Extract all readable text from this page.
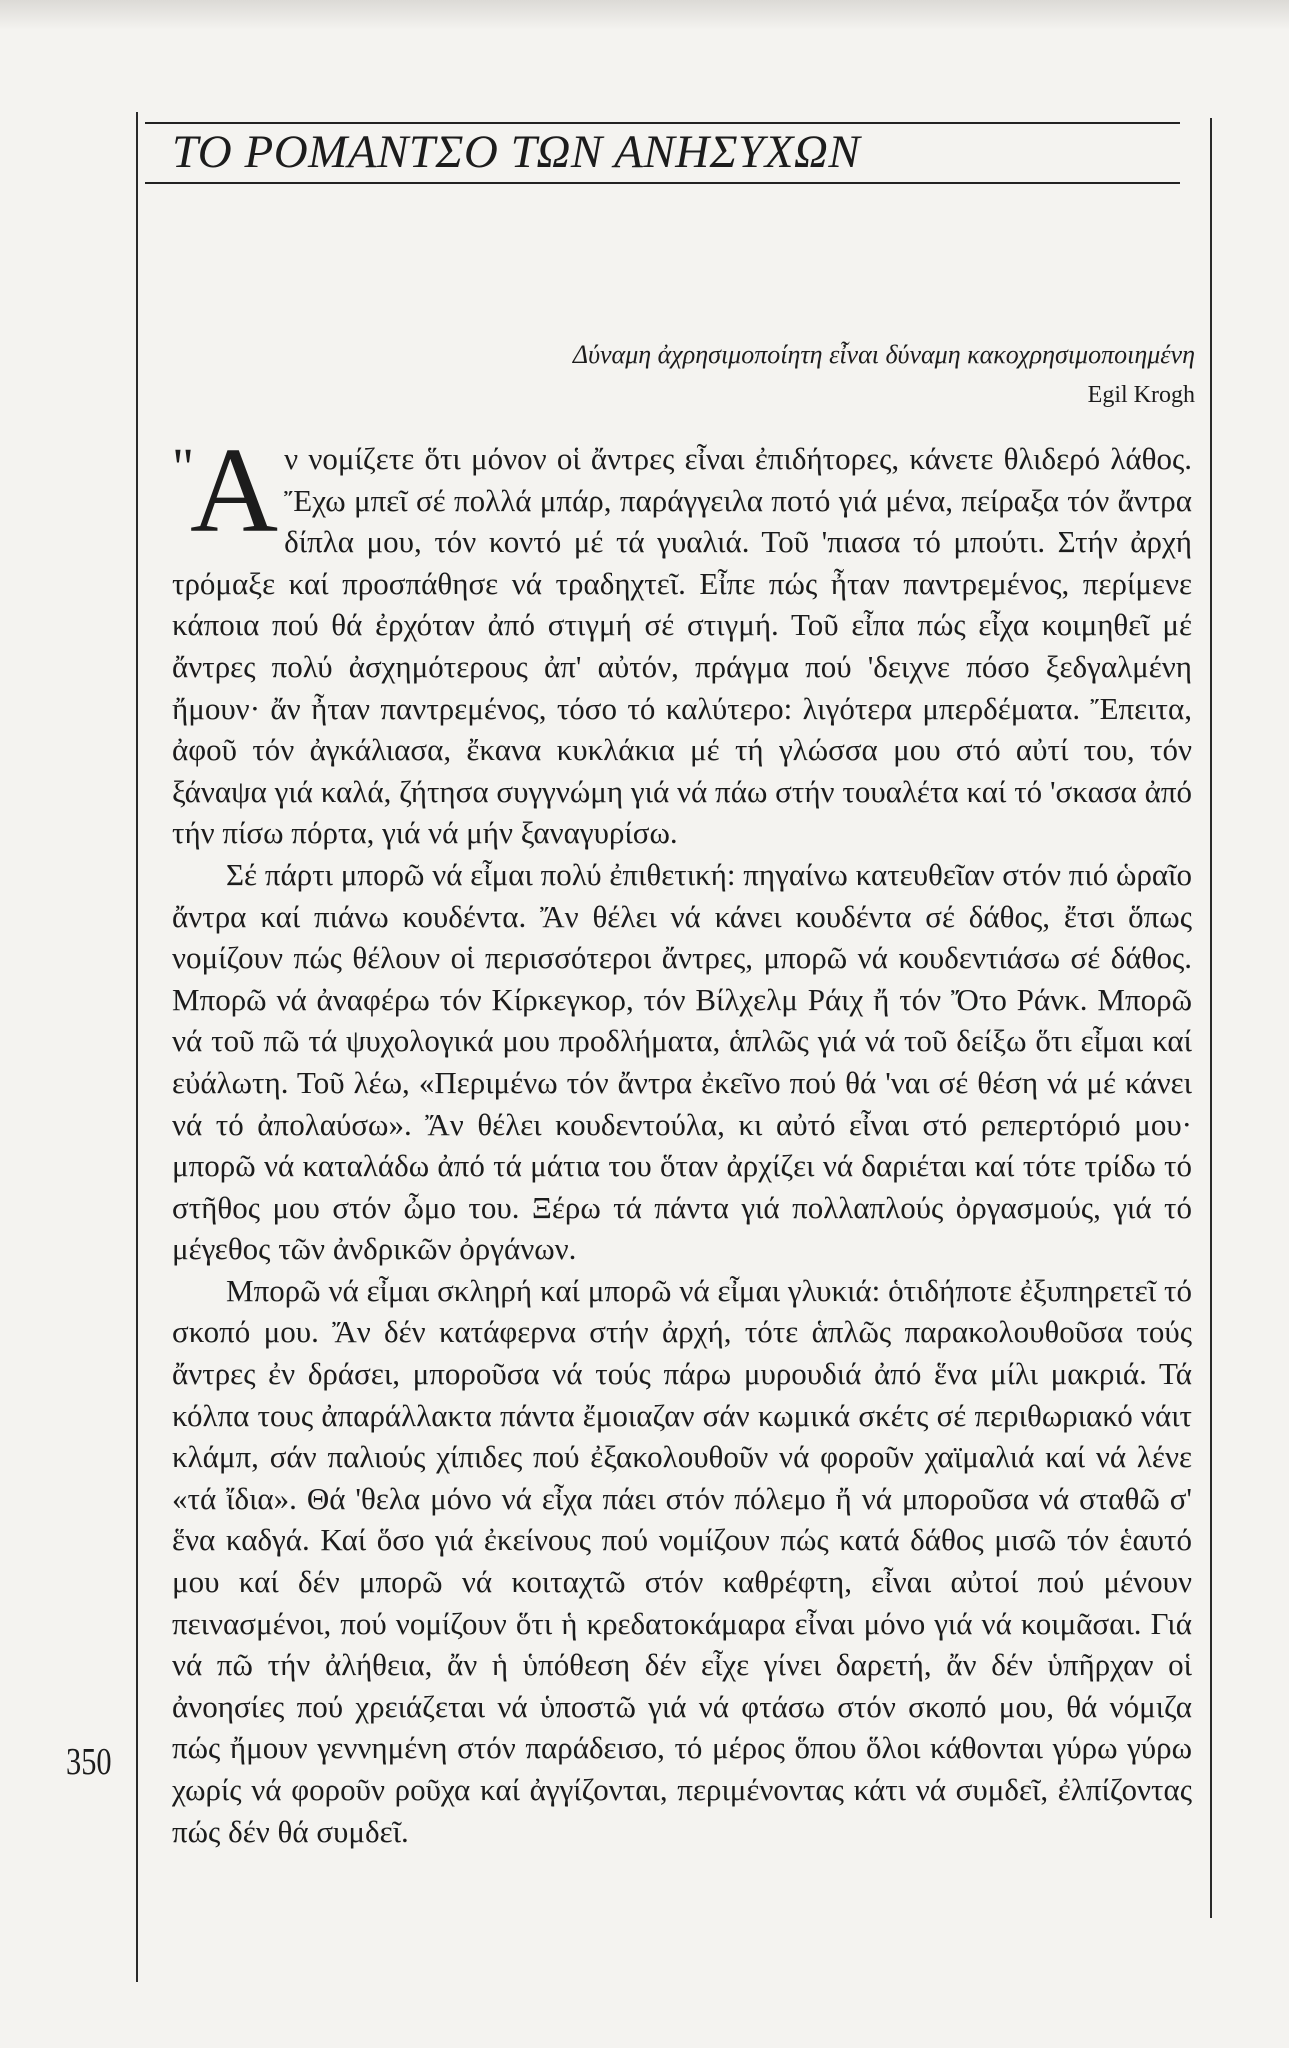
ΤΟ ΡΟΜΑΝΤΣΟ ΤΩΝ ΑΝΗΣΥΧΩΝ
Δύναμη ἀχρησιμοποίητη εἶναι δύναμη κακοχρησιμοποιημένη
Egil Krogh

"Α ν νομίζετε ὅτι μόνον οἱ ἄντρες εἶναι ἐπιδήτορες, κάνετε θλιδερό λάθος. Ἔχω μπεῖ σέ πολλά μπάρ, παράγγειλα ποτό γιά μένα, πείραξα τόν ἄντρα δίπλα μου, τόν κοντό μέ τά γυαλιά. Τοῦ 'πιασα τό μπούτι. Στήν ἀρχή τρόμαξε καί προσπάθησε νά τραδηχτεῖ. Εἶπε πώς ἦταν παντρεμένος, περίμενε κάποια πού θά ἐρχόταν ἀπό στιγμή σέ στιγμή. Τοῦ εἶπα πώς εἶχα κοιμηθεῖ μέ ἄντρες πολύ ἀσχημότερους ἀπ' αὐτόν, πράγμα πού 'δειχνε πόσο ξεδγαλμένη ἤμουν· ἄν ἦταν παντρεμένος, τόσο τό καλύτερο: λιγότερα μπερδέματα. Ἔπειτα, ἀφοῦ τόν ἀγκάλιασα, ἔκανα κυκλάκια μέ τή γλώσσα μου στό αὐτί του, τόν ξάναψα γιά καλά, ζήτησα συγγνώμη γιά νά πάω στήν τουαλέτα καί τό 'σκασα ἀπό τήν πίσω πόρτα, γιά νά μήν ξαναγυρίσω.

Σέ πάρτι μπορῶ νά εἶμαι πολύ ἐπιθετική: πηγαίνω κατευθεῖαν στόν πιό ὡραῖο ἄντρα καί πιάνω κουδέντα. Ἄν θέλει νά κάνει κουδέντα σέ δάθος, ἔτσι ὅπως νομίζουν πώς θέλουν οἱ περισσότεροι ἄντρες, μπορῶ νά κουδεντιάσω σέ δάθος. Μπορῶ νά ἀναφέρω τόν Κίρκεγκορ, τόν Βίλχελμ Ράιχ ἤ τόν Ὄτο Ράνκ. Μπορῶ νά τοῦ πῶ τά ψυχολογικά μου προδλήματα, ἁπλῶς γιά νά τοῦ δείξω ὅτι εἶμαι καί εὐάλωτη. Τοῦ λέω, «Περιμένω τόν ἄντρα ἐκεῖνο πού θά 'ναι σέ θέση νά μέ κάνει νά τό ἀπολαύσω». Ἄν θέλει κουδεντούλα, κι αὐτό εἶναι στό ρεπερτόριό μου· μπορῶ νά καταλάδω ἀπό τά μάτια του ὅταν ἀρχίζει νά δαριέται καί τότε τρίδω τό στῆθος μου στόν ὦμο του. Ξέρω τά πάντα γιά πολλαπλούς ὀργασμούς, γιά τό μέγεθος τῶν ἀνδρικῶν ὀργάνων.

Μπορῶ νά εἶμαι σκληρή καί μπορῶ νά εἶμαι γλυκιά: ὁτιδήποτε ἐξυπηρετεῖ τό σκοπό μου. Ἄν δέν κατάφερνα στήν ἀρχή, τότε ἁπλῶς παρακολουθοῦσα τούς ἄντρες ἐν δράσει, μποροῦσα νά τούς πάρω μυρουδιά ἀπό ἕνα μίλι μακριά. Τά κόλπα τους ἀπαράλλακτα πάντα ἔμοιαζαν σάν κωμικά σκέτς σέ περιθωριακό νάιτ κλάμπ, σάν παλιούς χίπιδες πού ἐξακολουθοῦν νά φοροῦν χαϊμαλιά καί νά λένε «τά ἴδια». Θά 'θελα μόνο νά εἶχα πάει στόν πόλεμο ἤ νά μποροῦσα νά σταθῶ σ' ἕνα καδγά. Καί ὅσο γιά ἐκείνους πού νομίζουν πώς κατά δάθος μισῶ τόν ἑαυτό μου καί δέν μπορῶ νά κοιταχτῶ στόν καθρέφτη, εἶναι αὐτοί πού μένουν πεινασμένοι, πού νομίζουν ὅτι ἡ κρεδατοκάμαρα εἶναι μόνο γιά νά κοιμᾶσαι. Γιά νά πῶ τήν ἀλήθεια, ἄν ἡ ὑπόθεση δέν εἶχε γίνει δαρετή, ἄν δέν ὑπῆρχαν οἱ ἀνοησίες πού χρειάζεται νά ὑποστῶ γιά νά φτάσω στόν σκοπό μου, θά νόμιζα πώς ἤμουν γεννημένη στόν παράδεισο, τό μέρος ὅπου ὅλοι κάθονται γύρω γύρω χωρίς νά φοροῦν ροῦχα καί ἀγγίζονται, περιμένοντας κάτι νά συμδεῖ, ἐλπίζοντας πώς δέν θά συμδεῖ.

350
